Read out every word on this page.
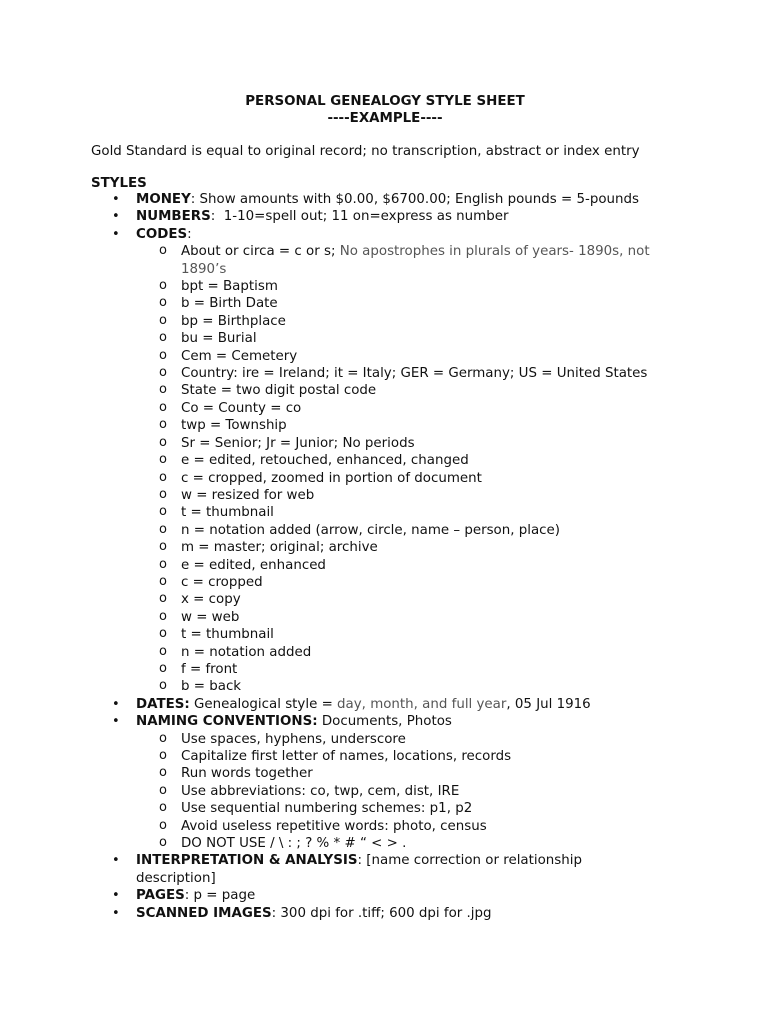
PERSONAL GENEALOGY STYLE SHEET
----EXAMPLE----
Gold Standard is equal to original record; no transcription, abstract or index entry
STYLES
• MONEY: Show amounts with $0.00, $6700.00; English pounds = 5-pounds
• NUMBERS:  1-10=spell out; 11 on=express as number
• CODES:
o About or circa = c or s; No apostrophes in plurals of years- 1890s, not 1890’s
o bpt = Baptism
o b = Birth Date
o bp = Birthplace
o bu = Burial
o Cem = Cemetery
o Country: ire = Ireland; it = Italy; GER = Germany; US = United States
o State = two digit postal code
o Co = County = co
o twp = Township
o Sr = Senior; Jr = Junior; No periods
o e = edited, retouched, enhanced, changed
o c = cropped, zoomed in portion of document
o w = resized for web
o t = thumbnail
o n = notation added (arrow, circle, name – person, place)
o m = master; original; archive
o e = edited, enhanced
o c = cropped
o x = copy
o w = web
o t = thumbnail
o n = notation added
o f = front
o b = back
• DATES: Genealogical style = day, month, and full year, 05 Jul 1916
• NAMING CONVENTIONS: Documents, Photos
o Use spaces, hyphens, underscore
o Capitalize first letter of names, locations, records
o Run words together
o Use abbreviations: co, twp, cem, dist, IRE
o Use sequential numbering schemes: p1, p2
o Avoid useless repetitive words: photo, census
o DO NOT USE / \ : ; ? % * # “ < > .
• INTERPRETATION & ANALYSIS: [name correction or relationship description]
• PAGES: p = page
• SCANNED IMAGES: 300 dpi for .tiff; 600 dpi for .jpg
